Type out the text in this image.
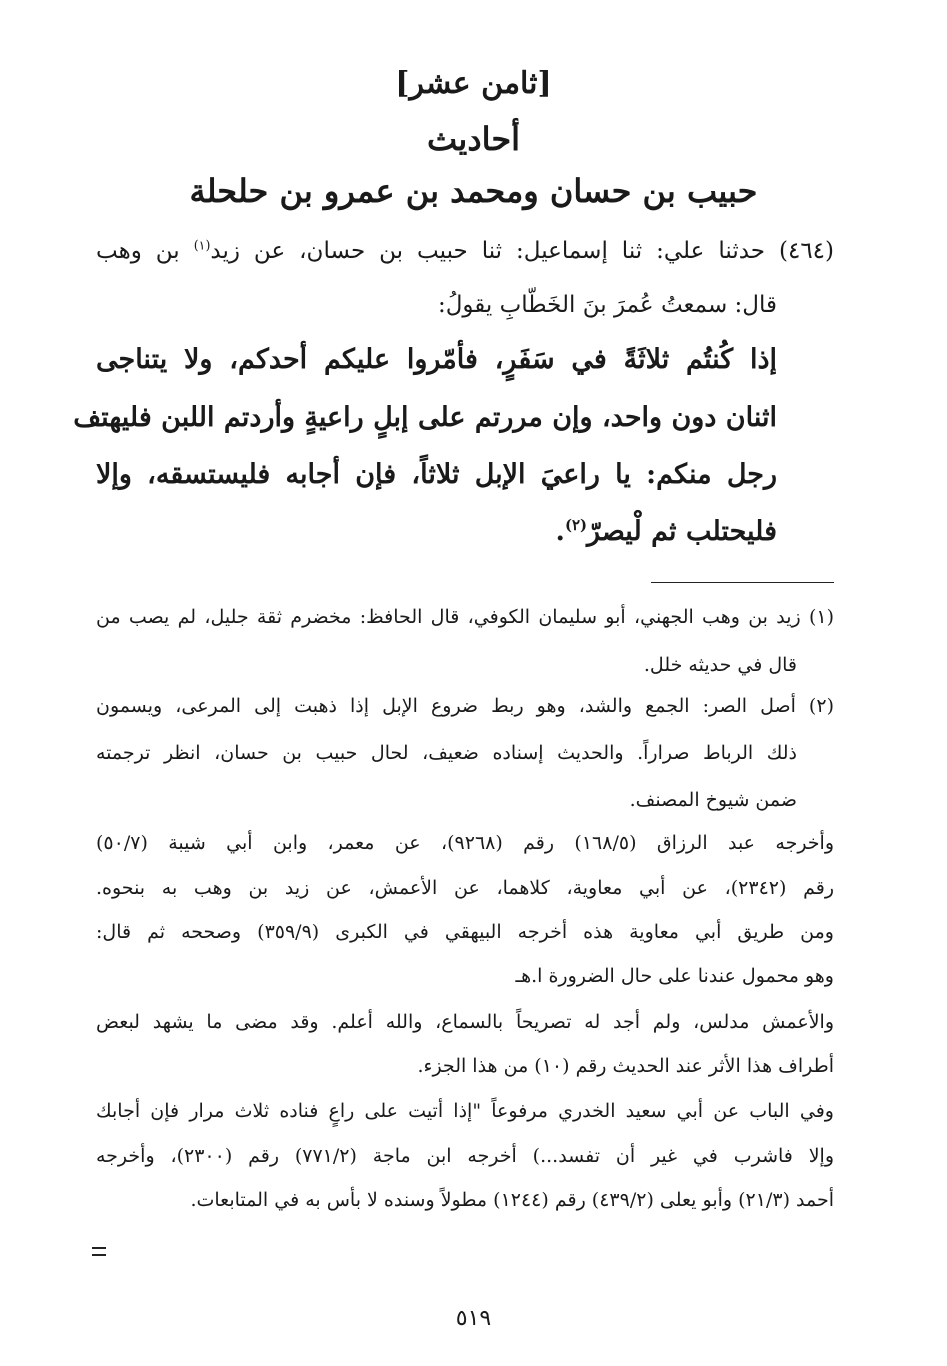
[ثامن عشر]
أحاديث
حبيب بن حسان ومحمد بن عمرو بن حلحلة
(٤٦٤) حدثنا علي: ثنا إسماعيل: ثنا حبيب بن حسان، عن زيد$^{(١)}$ بن وهب
قال: سمعتُ عُمرَ بنَ الخَطّابِ يقولُ:
إذا كُنتُم ثلاثَةً في سَفَرٍ، فأمّروا عليكم أحدكم، ولا يتناجى
اثنان دون واحد، وإن مررتم على إبلٍ راعيةٍ وأردتم اللبن فليهتف
رجل منكم: يا راعيَ الإبل ثلاثاً، فإن أجابه فليستسقه، وإلا
فليحتلب ثم لْيصرّ$^{(٢)}$.
(١) زيد بن وهب الجهني، أبو سليمان الكوفي، قال الحافظ: مخضرم ثقة جليل، لم يصب من
قال في حديثه خلل.
(٢) أصل الصر: الجمع والشد، وهو ربط ضروع الإبل إذا ذهبت إلى المرعى، ويسمون
ذلك الرباط صراراً. والحديث إسناده ضعيف، لحال حبيب بن حسان، انظر ترجمته
ضمن شيوخ المصنف.
وأخرجه عبد الرزاق (١٦٨/٥) رقم (٩٢٦٨)، عن معمر، وابن أبي شيبة (٥٠/٧)
رقم (٢٣٤٢)، عن أبي معاوية، كلاهما، عن الأعمش، عن زيد بن وهب به بنحوه.
ومن طريق أبي معاوية هذه أخرجه البيهقي في الكبرى (٣٥٩/٩) وصححه ثم قال:
وهو محمول عندنا على حال الضرورة ا.هـ
والأعمش مدلس، ولم أجد له تصريحاً بالسماع، والله أعلم. وقد مضى ما يشهد لبعض
أطراف هذا الأثر عند الحديث رقم (١٠) من هذا الجزء.
وفي الباب عن أبي سعيد الخدري مرفوعاً "إذا أتيت على راعٍ فناده ثلاث مرار فإن أجابك
وإلا فاشرب في غير أن تفسد...) أخرجه ابن ماجة (٧٧١/٢) رقم (٢٣٠٠)، وأخرجه
أحمد (٢١/٣) وأبو يعلى (٤٣٩/٢) رقم (١٢٤٤) مطولاً وسنده لا بأس به في المتابعات.
٥١٩
